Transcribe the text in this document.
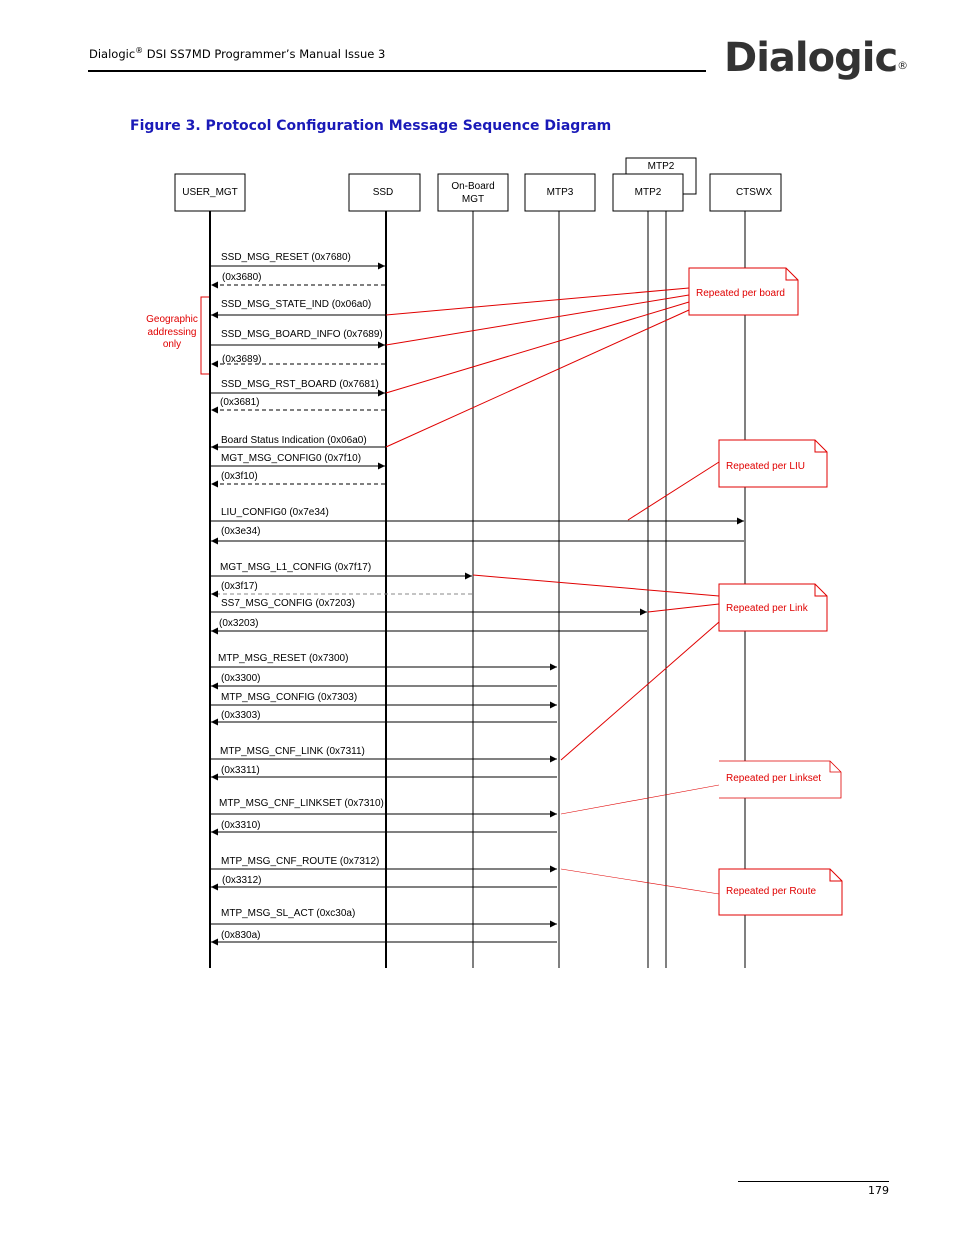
Dialogic® DSI SS7MD Programmer’s Manual Issue 3	Dialogic®
Figure 3. Protocol Configuration Message Sequence Diagram
USER_MGT	SSD
On-Board
MGT
MTP3
MTP2
MTP2	CTSWX
SSD_MSG_RESET (0x7680)
(0x3680)
SSD_MSG_STATE_IND (0x06a0)
SSD_MSG_BOARD_INFO (0x7689)
(0x3689)
SSD_MSG_RST_BOARD (0x7681)
(0x3681)
Board Status Indication (0x06a0)
MGT_MSG_CONFIG0 (0x7f10)
(0x3f10)
LIU_CONFIG0 (0x7e34)
(0x3e34)
MGT_MSG_L1_CONFIG (0x7f17)
(0x3f17)
SS7_MSG_CONFIG (0x7203)
(0x3203)
MTP_MSG_RESET (0x7300)
(0x3300)
MTP_MSG_CONFIG (0x7303)
(0x3303)
MTP_MSG_CNF_LINK (0x7311)
(0x3311)
MTP_MSG_CNF_LINKSET (0x7310)
(0x3310)
MTP_MSG_CNF_ROUTE (0x7312)
(0x3312)
MTP_MSG_SL_ACT (0xc30a)
(0x830a)
Geographic
addressing
only
Repeated per board
Repeated per LIU
Repeated per Link
Repeated per Linkset
Repeated per Route
179
